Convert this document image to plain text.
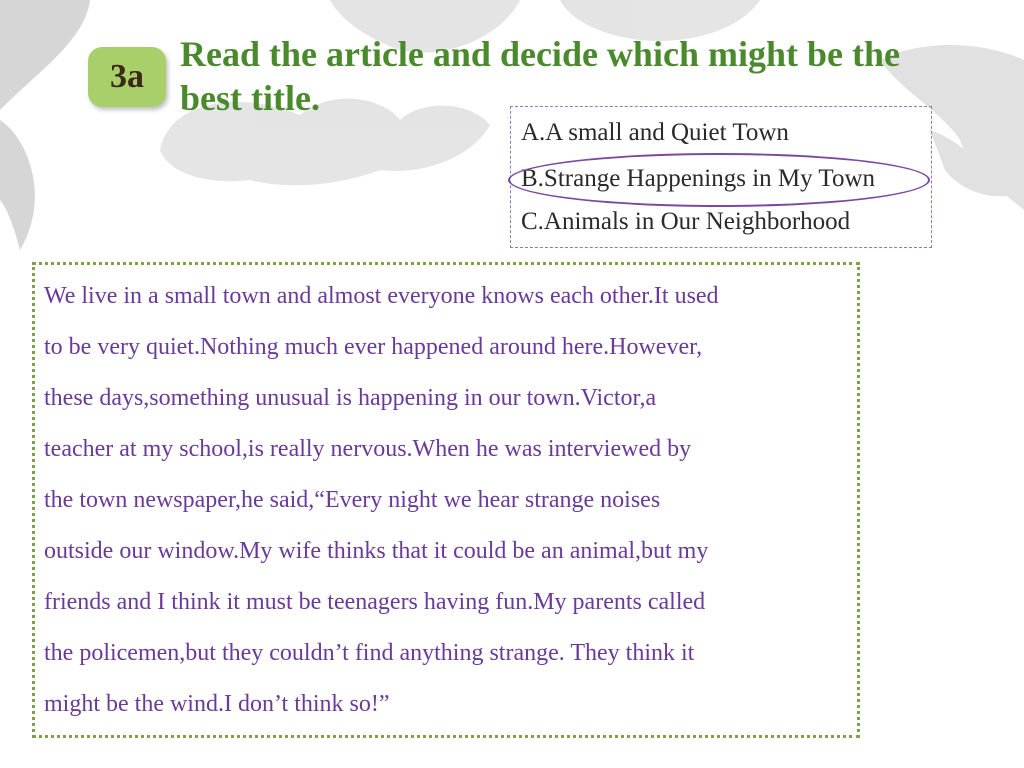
3a
Read the article and decide which might be the
best title.
A.A small and Quiet Town
B.Strange Happenings in My Town
C.Animals in Our Neighborhood
We live in a small town and almost everyone knows each other.It used
to be very quiet.Nothing much ever happened around here.However,
these days,something unusual is happening in our town.Victor,a
teacher at my school,is really nervous.When he was interviewed by
the town newspaper,he said,“Every night we hear strange noises
outside our window.My wife thinks that it could be an animal,but my
friends and I think it must be teenagers having fun.My parents called
the policemen,but they couldn’t find anything strange. They think it
might be the wind.I don’t think so!”
